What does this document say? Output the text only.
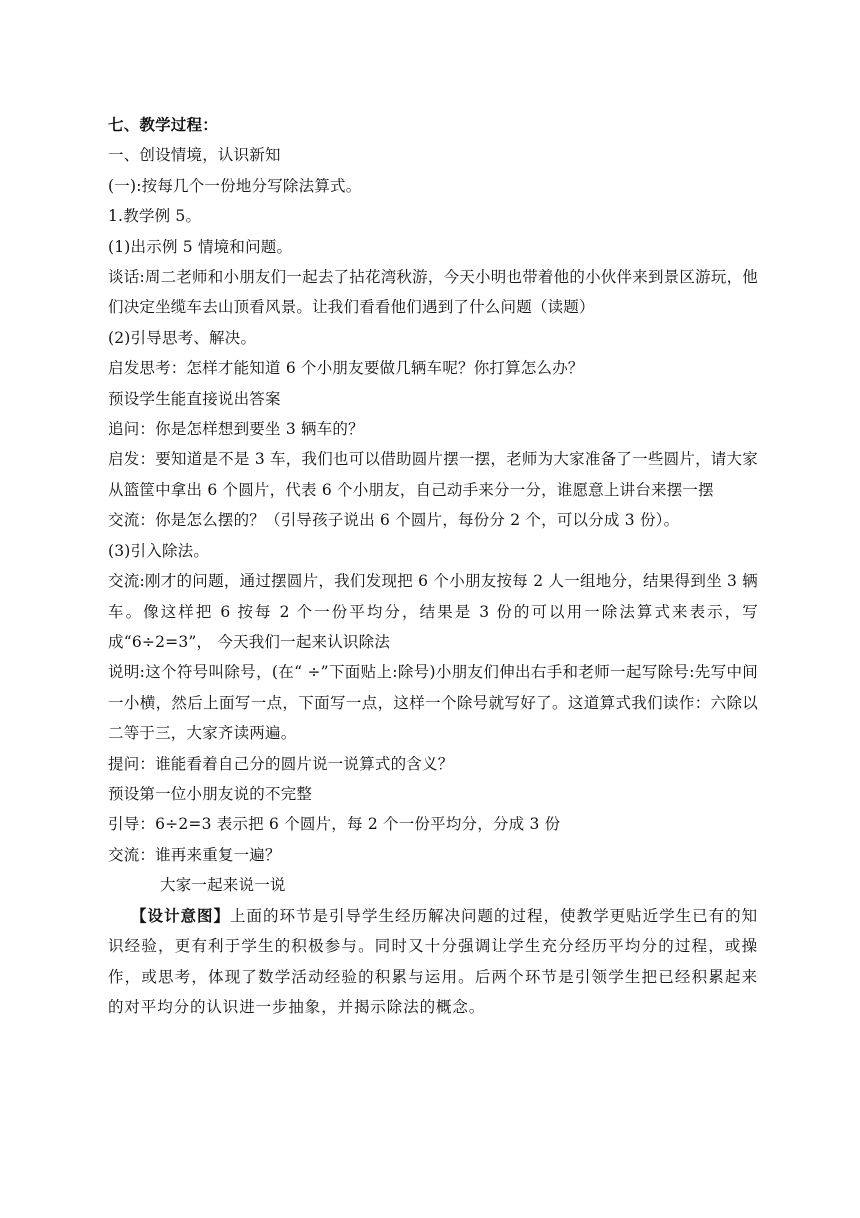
七、教学过程：
一、创设情境，认识新知
(一):按每几个一份地分写除法算式。
1.教学例 5。
(1)出示例 5 情境和问题。
谈话:周二老师和小朋友们一起去了拈花湾秋游，今天小明也带着他的小伙伴来到景区游玩，他们决定坐缆车去山顶看风景。让我们看看他们遇到了什么问题（读题）
(2)引导思考、解决。
启发思考：怎样才能知道 6 个小朋友要做几辆车呢？你打算怎么办？
预设学生能直接说出答案
追问：你是怎样想到要坐 3 辆车的？
启发：要知道是不是 3 车，我们也可以借助圆片摆一摆，老师为大家准备了一些圆片，请大家从篮筐中拿出 6 个圆片，代表 6 个小朋友，自己动手来分一分，谁愿意上讲台来摆一摆
交流：你是怎么摆的？（引导孩子说出 6 个圆片，每份分 2 个，可以分成 3 份）。
(3)引入除法。
交流:刚才的问题，通过摆圆片，我们发现把 6 个小朋友按每 2 人一组地分，结果得到坐 3 辆车。像这样把 6 按每 2 个一份平均分，结果是 3 份的可以用一除法算式来表示，写成“6÷2=3”， 今天我们一起来认识除法
说明:这个符号叫除号，(在“ ÷”下面贴上:除号)小朋友们伸出右手和老师一起写除号:先写中间一小横，然后上面写一点，下面写一点，这样一个除号就写好了。这道算式我们读作：六除以二等于三，大家齐读两遍。
提问：谁能看着自己分的圆片说一说算式的含义？
预设第一位小朋友说的不完整
引导：6÷2=3 表示把 6 个圆片，每 2 个一份平均分，分成 3 份
交流：谁再来重复一遍？
大家一起来说一说
【设计意图】上面的环节是引导学生经历解决问题的过程，使教学更贴近学生已有的知识经验，更有利于学生的积极参与。同时又十分强调让学生充分经历平均分的过程，或操作，或思考，体现了数学活动经验的积累与运用。后两个环节是引领学生把已经积累起来的对平均分的认识进一步抽象，并揭示除法的概念。
